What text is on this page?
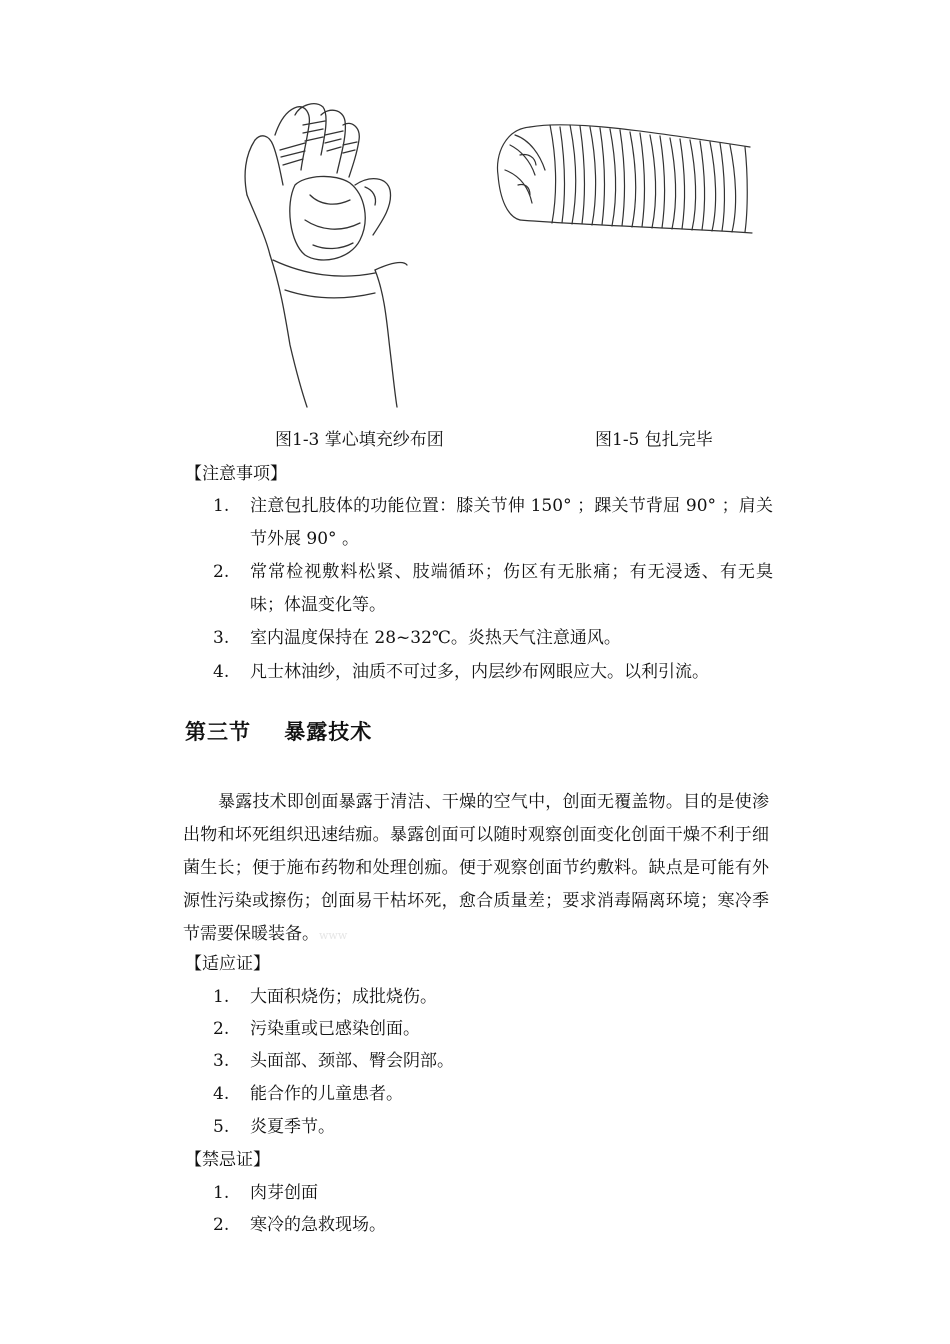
图1-3 掌心填充纱布团	图1-5 包扎完毕
【注意事项】
1.	注意包扎肢体的功能位置：膝关节伸 150° ；踝关节背屈 90° ；肩关节外展 90° 。
2.	常常检视敷料松紧、肢端循环；伤区有无胀痛；有无浸透、有无臭味；体温变化等。
3.	室内温度保持在 28~32℃。炎热天气注意通风。
4.	凡士林油纱，油质不可过多，内层纱布网眼应大。以利引流。
第三节    暴露技术
暴露技术即创面暴露于清洁、干燥的空气中，创面无覆盖物。目的是使渗出物和坏死组织迅速结痂。暴露创面可以随时观察创面变化创面干燥不利于细菌生长；便于施布药物和处理创痂。便于观察创面节约敷料。缺点是可能有外源性污染或擦伤；创面易干枯坏死，愈合质量差；要求消毒隔离环境；寒冷季节需要保暖装备。www
【适应证】
1.	大面积烧伤；成批烧伤。
2.	污染重或已感染创面。
3.	头面部、颈部、臀会阴部。
4.	能合作的儿童患者。
5.	炎夏季节。
【禁忌证】
1.	肉芽创面
2.	寒冷的急救现场。
